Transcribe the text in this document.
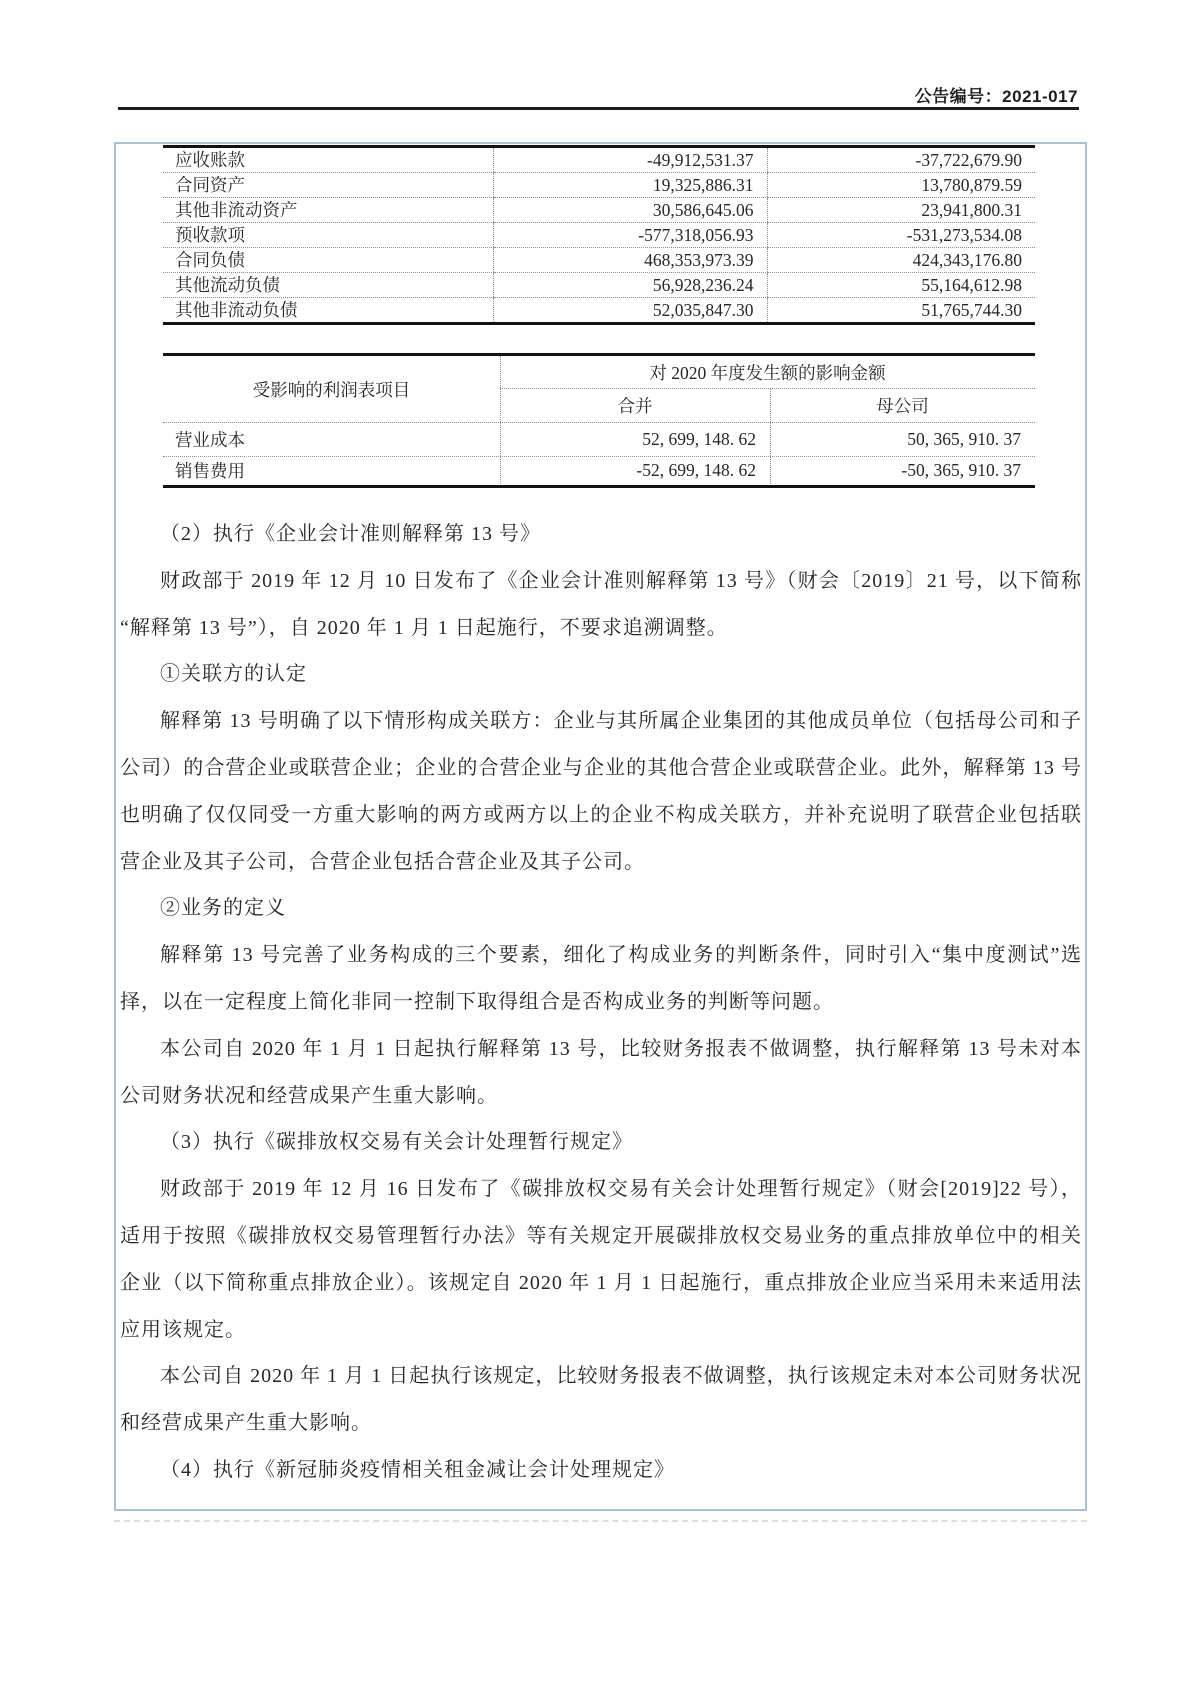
公告编号：2021-017
应收账款	-49,912,531.37	-37,722,679.90
合同资产	19,325,886.31	13,780,879.59
其他非流动资产	30,586,645.06	23,941,800.31
预收款项	-577,318,056.93	-531,273,534.08
合同负债	468,353,973.39	424,343,176.80
其他流动负债	56,928,236.24	55,164,612.98
其他非流动负债	52,035,847.30	51,765,744.30
受影响的利润表项目
对 2020 年度发生额的影响金额
合并	母公司
营业成本	52, 699, 148. 62	50, 365, 910. 37
销售费用	-52, 699, 148. 62	-50, 365, 910. 37

（2）执行《企业会计准则解释第 13 号》

财政部于 2019 年 12 月 10 日发布了《企业会计准则解释第 13 号》（财会〔2019〕21 号，以下简称“解释第 13 号”），自 2020 年 1 月 1 日起施行，不要求追溯调整。

①关联方的认定

解释第 13 号明确了以下情形构成关联方：企业与其所属企业集团的其他成员单位（包括母公司和子公司）的合营企业或联营企业；企业的合营企业与企业的其他合营企业或联营企业。此外，解释第 13 号也明确了仅仅同受一方重大影响的两方或两方以上的企业不构成关联方，并补充说明了联营企业包括联营企业及其子公司，合营企业包括合营企业及其子公司。

②业务的定义

解释第 13 号完善了业务构成的三个要素，细化了构成业务的判断条件，同时引入“集中度测试”选择，以在一定程度上简化非同一控制下取得组合是否构成业务的判断等问题。

本公司自 2020 年 1 月 1 日起执行解释第 13 号，比较财务报表不做调整，执行解释第 13 号未对本公司财务状况和经营成果产生重大影响。

（3）执行《碳排放权交易有关会计处理暂行规定》

财政部于 2019 年 12 月 16 日发布了《碳排放权交易有关会计处理暂行规定》（财会[2019]22 号），适用于按照《碳排放权交易管理暂行办法》等有关规定开展碳排放权交易业务的重点排放单位中的相关企业（以下简称重点排放企业）。该规定自 2020 年 1 月 1 日起施行，重点排放企业应当采用未来适用法应用该规定。

本公司自 2020 年 1 月 1 日起执行该规定，比较财务报表不做调整，执行该规定未对本公司财务状况和经营成果产生重大影响。

（4）执行《新冠肺炎疫情相关租金减让会计处理规定》
